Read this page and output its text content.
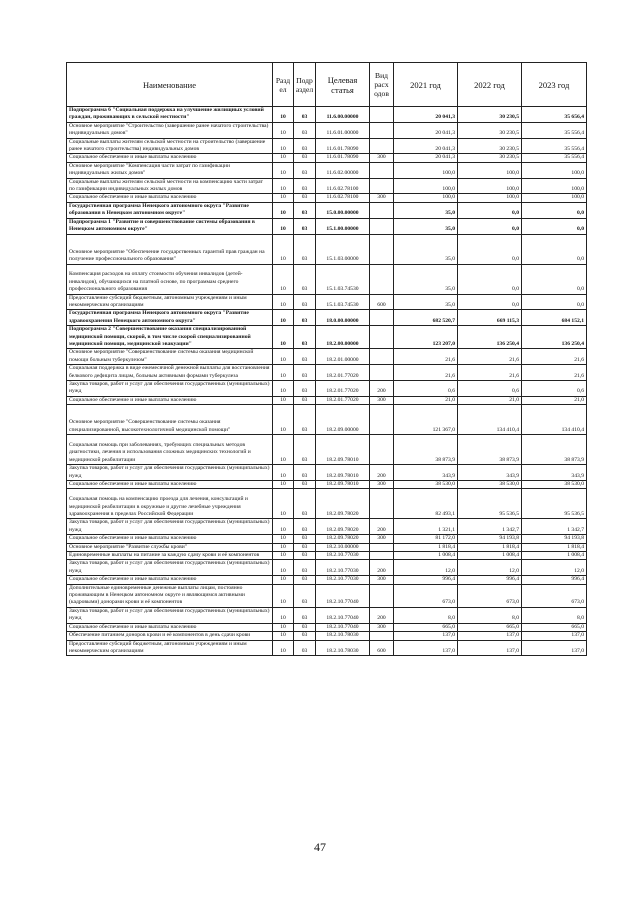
Наименование	Разд ел	Подр аздел	Целевая статья	Вид расх одов	2021 год	2022 год	2023 год
Подпрограмма 6 "Социальная поддержка на улучшение жилищных условий граждан, проживающих в сельской местности"	10	03	11.6.00.00000		20 041,3	30 230,5	35 656,4
Основное мероприятие "Строительство (завершение ранее начатого строительства) индивидуальных домов"	10	03	11.6.01.00000		20 041,3	30 230,5	35 556,4
Социальные выплаты жителям сельской местности на строительство (завершение ранее начатого строительства) индивидуальных домов	10	03	11.6.01.78090		20 041,3	30 230,5	35 556,4
Социальное обеспечение и иные выплаты населению	10	03	11.6.01.78090	300	20 041,3	30 230,5	35 556,4
Основное мероприятие "Компенсация части затрат по газификации индивидуальных жилых домов"	10	03	11.6.02.00000		100,0	100,0	100,0
Социальные выплаты жителям сельской местности на компенсацию части затрат по газификации индивидуальных жилых домов	10	03	11.6.02.78100		100,0	100,0	100,0
Социальное обеспечение и иные выплаты населению	10	03	11.6.02.78100	300	100,0	100,0	100,0
Государственная программа Ненецкого автономного округа "Развитие образования в Ненецком автономном округе"	10	03	15.0.00.00000		35,0	0,0	0,0
Подпрограмма 1 "Развитие и совершенствование системы образования в Ненецком автономном округе"	10	03	15.1.00.00000		35,0	0,0	0,0
Основное мероприятие "Обеспечение государственных гарантий прав граждан на получение профессионального образования"	10	03	15.1.03.00000		35,0	0,0	0,0
Компенсация расходов на оплату стоимости обучения инвалидов (детей-инвалидов), обучающихся на платной основе, по программам среднего профессионального образования	10	03	15.1.03.74530		35,0	0,0	0,0
Предоставление субсидий бюджетным, автономным учреждениям и иным некоммерческим организациям	10	03	15.1.03.74530	600	35,0	0,0	0,0
Государственная программа Ненецкого автономного округа "Развитие здравоохранения Ненецкого автономного округа"	10	03	18.0.00.00000		682 520,7	669 115,3	684 152,1
Подпрограмма 2 "Совершенствование оказания специализированной медицинской помощи, скорой, в том числе скорой специализированной медицинской помощи, медицинской эвакуации"	10	03	18.2.00.00000		123 207,0	136 250,4	136 250,4
Основное мероприятие "Совершенствование системы оказания медицинской помощи больным туберкулезом"	10	03	18.2.01.00000		21,6	21,6	21,6
Социальная поддержка в виде ежемесячной денежной выплаты для восстановления белкового дефицита лицам, больным активными формами туберкулеза	10	03	18.2.01.77020		21,6	21,6	21,6
Закупка товаров, работ и услуг для обеспечения государственных (муниципальных) нужд	10	03	18.2.01.77020	200	0,6	0,6	0,6
Социальное обеспечение и иные выплаты населению	10	03	18.2.01.77020	300	21,0	21,0	21,0
Основное мероприятие "Совершенствование системы оказания специализированной, высокотехнологичной медицинской помощи"	10	03	18.2.09.00000		121 367,0	134 410,4	134 410,4
Социальная помощь при заболеваниях, требующих специальных методов диагностики, лечения и использования сложных медицинских технологий и медицинской реабилитации	10	03	18.2.09.78010		38 873,9	38 873,9	38 873,9
Закупка товаров, работ и услуг для обеспечения государственных (муниципальных) нужд	10	03	18.2.09.78010	200	343,9	343,9	343,9
Социальное обеспечение и иные выплаты населению	10	03	18.2.09.78010	300	38 530,0	38 530,0	38 530,0
Социальная помощь на компенсацию проезда для лечения, консультаций и медицинской реабилитации в окружные и другие лечебные учреждения здравоохранения в пределах Российской Федерации	10	03	18.2.09.78020		82 493,1	95 536,5	95 536,5
Закупка товаров, работ и услуг для обеспечения государственных (муниципальных) нужд	10	03	18.2.09.78020	200	1 321,1	1 342,7	1 342,7
Социальное обеспечение и иные выплаты населению	10	03	18.2.09.78020	300	81 172,0	94 193,8	94 193,8
Основное мероприятие "Развитие службы крови"	10	03	18.2.10.00000		1 818,4	1 818,4	1 818,4
Единовременные выплаты на питание за каждую сдачу крови и её компонентов	10	03	18.2.10.77030		1 008,4	1 008,4	1 008,4
Закупка товаров, работ и услуг для обеспечения государственных (муниципальных) нужд	10	03	18.2.10.77030	200	12,0	12,0	12,0
Социальное обеспечение и иные выплаты населению	10	03	18.2.10.77030	300	996,4	996,4	996,4
Дополнительные единовременные денежные выплаты лицам, постоянно проживающим в Ненецком автономном округе и являющимся активными (кадровыми) донорами крови и её компонентов	10	03	18.2.10.77040		673,0	673,0	673,0
Закупка товаров, работ и услуг для обеспечения государственных (муниципальных) нужд	10	03	18.2.10.77040	200	8,0	8,0	8,0
Социальное обеспечение и иные выплаты населению	10	03	18.2.10.77040	300	665,0	665,0	665,0
Обеспечение питанием доноров крови и её компонентов в день сдачи крови	10	03	18.2.10.78030		137,0	137,0	137,0
Предоставление субсидий бюджетным, автономным учреждениям и иным некоммерческим организациям	10	03	18.2.10.78030	600	137,0	137,0	137,0
47
